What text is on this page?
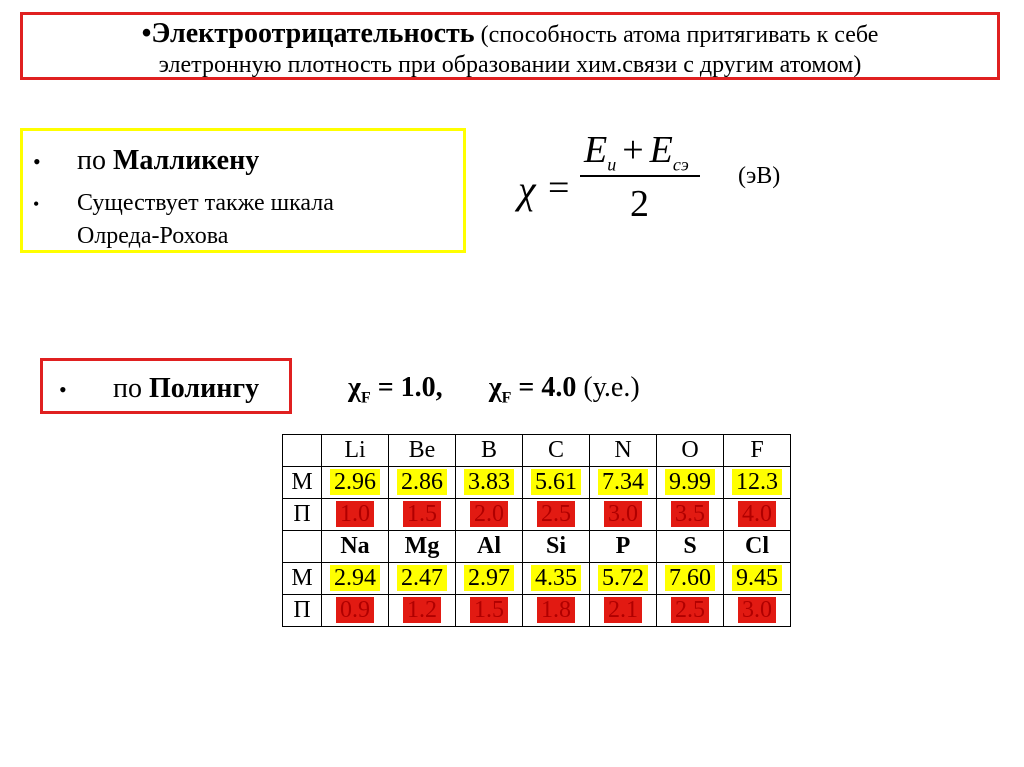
•Электроотрицательность (способность атома притягивать к себе
элетронную плотность при образовании хим.связи с другим атомом)
•	по Малликену
•	Существует также шкала
Олреда-Рохова
χ =
$E_и + E_{сэ}$
2
(эВ)
•	по Полингу	$\chi_F = 1.0$, $\chi_F = 4.0$ (у.е.)
	Li	Be	B	C	N	O	F
М	2.96	2.86	3.83	5.61	7.34	9.99	12.3
П	1.0	1.5	2.0	2.5	3.0	3.5	4.0
	Na	Mg	Al	Si	P	S	Cl
М	2.94	2.47	2.97	4.35	5.72	7.60	9.45
П	0.9	1.2	1.5	1.8	2.1	2.5	3.0
